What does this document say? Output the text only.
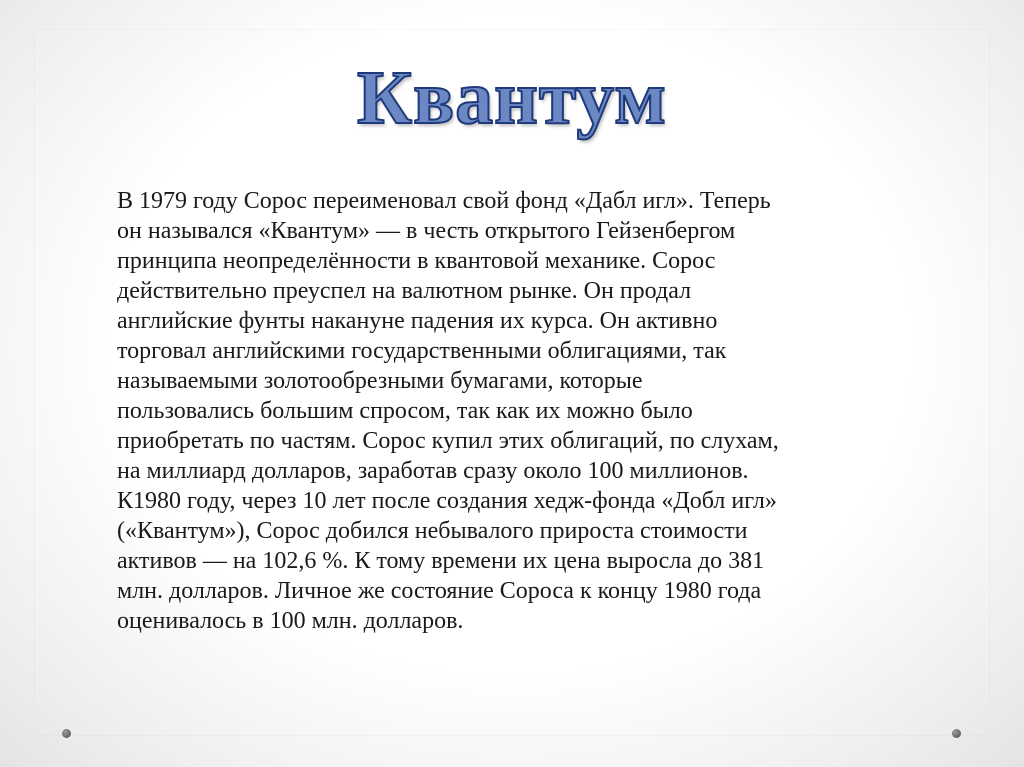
Квантум

В 1979 году Сорос переименовал свой фонд «Дабл игл». Теперь
он назывался «Квантум» — в честь открытого Гейзенбергом
принципа неопределённости в квантовой механике. Сорос
действительно преуспел на валютном рынке. Он продал
английские фунты накануне падения их курса. Он активно
торговал английскими государственными облигациями, так
называемыми золотообрезными бумагами, которые
пользовались большим спросом, так как их можно было
приобретать по частям. Сорос купил этих облигаций, по слухам,
на миллиард долларов, заработав сразу около 100 миллионов.
К1980 году, через 10 лет после создания хедж-фонда «Добл игл»
(«Квантум»), Сорос добился небывалого прироста стоимости
активов — на 102,6 %. К тому времени их цена выросла до 381
млн. долларов. Личное же состояние Сороса к концу 1980 года
оценивалось в 100 млн. долларов.
